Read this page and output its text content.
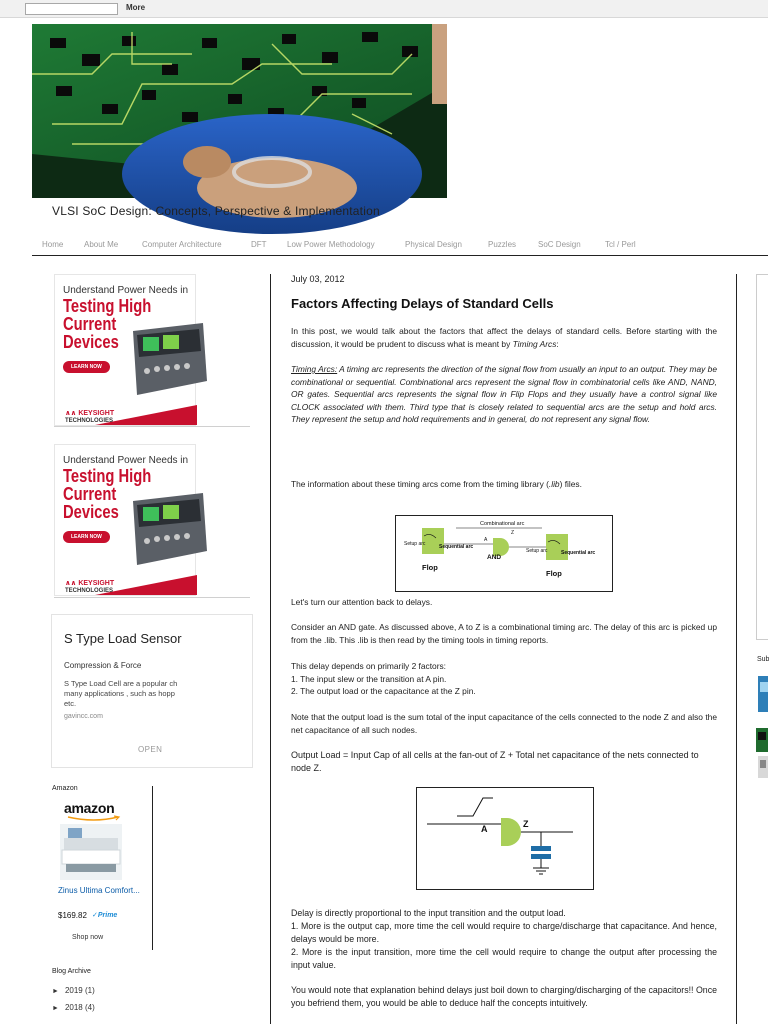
More
VLSI SoC Design: Concepts, Perspective & Implementation
Home	About Me	Computer Architecture	DFT	Low Power Methodology	Physical Design	Puzzles	SoC Design	Tcl / Perl
Understand Power Needs in
Testing High
Current
Devices
LEARN NOW
∧∧ KEYSIGHT
TECHNOLOGIES
Understand Power Needs in
Testing High
Current
Devices
LEARN NOW
∧∧ KEYSIGHT
TECHNOLOGIES
S Type Load Sensor
Compression & Force
S Type Load Cell are a popular ch
many applications , such as hopp
etc.
gavincc.com
OPEN
Amazon
amazon
Zinus Ultima Comfort...
$169.82 ✓Prime
Shop now
Blog Archive
► 2019 (1)
► 2018 (4)
July 03, 2012
Factors Affecting Delays of Standard Cells
In this post, we would talk about the factors that affect the delays of standard cells. Before starting with the discussion, it would be prudent to discuss what is meant by Timing Arcs:
Timing Arcs: A timing arc represents the direction of the signal flow from usually an input to an output. They may be combinational or sequential. Combinational arcs represent the signal flow in combinatorial cells like AND, NAND, OR gates. Sequential arcs represents the signal flow in Flip Flops and they usually have a control signal like CLOCK associated with them. Third type that is closely related to sequential arcs are the setup and hold arcs. They represent the setup and hold requirements and in general, do not represent any signal flow.
The information about these timing arcs come from the timing library (.lib) files.
Combinational arc
Setup arc	Sequential arc
A
Z
AND
Setup arc	Sequential arc
Flop
Flop
Let's turn our attention back to delays.
Consider an AND gate. As discussed above, A to Z is a combinational timing arc. The delay of this arc is picked up from the .lib. This .lib is then read by the timing tools in timing reports.
This delay depends on primarily 2 factors:
1. The input slew or the transition at A pin.
2. The output load or the capacitance at the Z pin.
Note that the output load is the sum total of the input capacitance of the cells connected to the node Z and also the net capacitance of all such nodes.
Output Load = Input Cap of all cells at the fan-out of Z + Total net capacitance of the nets connected to node Z.
A	Z
Delay is directly proportional to the input transition and the output load.
1. More is the output cap, more time the cell would require to charge/discharge that capacitance. And hence, delays would be more.
2. More is the input transition, more time the cell would require to change the output after processing the input value.
You would note that explanation behind delays just boil down to charging/discharging of the capacitors!! Once you befriend them, you would be able to deduce half the concepts intuitively.
Sub
